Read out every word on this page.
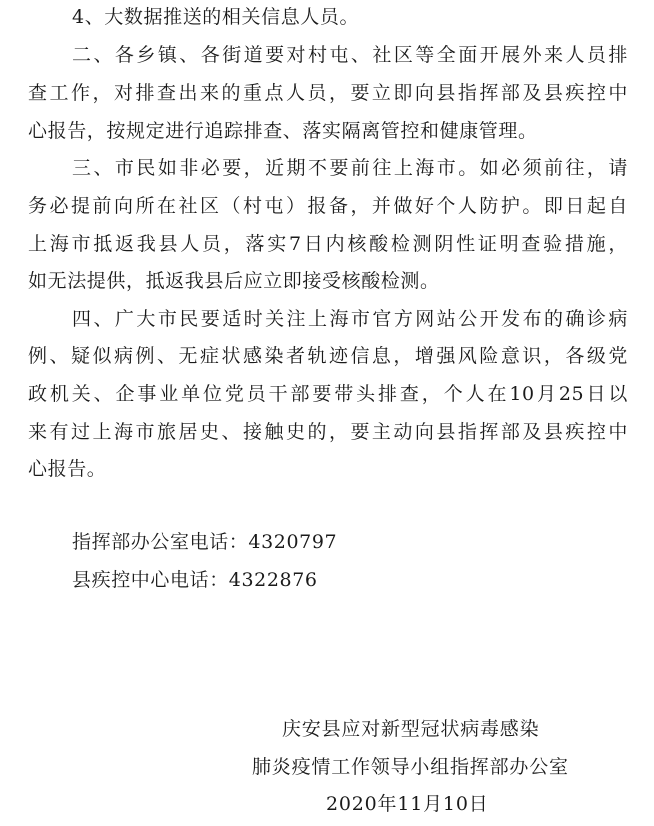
4、大数据推送的相关信息人员。
二、各乡镇、各街道要对村屯、社区等全面开展外来人员排
查工作，对排查出来的重点人员，要立即向县指挥部及县疾控中
心报告，按规定进行追踪排查、落实隔离管控和健康管理。
三、市民如非必要，近期不要前往上海市。如必须前往，请
务必提前向所在社区（村屯）报备，并做好个人防护。即日起自
上海市抵返我县人员，落实7日内核酸检测阴性证明查验措施，
如无法提供，抵返我县后应立即接受核酸检测。
四、广大市民要适时关注上海市官方网站公开发布的确诊病
例、疑似病例、无症状感染者轨迹信息，增强风险意识，各级党
政机关、企事业单位党员干部要带头排查，个人在10月25日以
来有过上海市旅居史、接触史的，要主动向县指挥部及县疾控中
心报告。
指挥部办公室电话：4320797
县疾控中心电话：4322876
庆安县应对新型冠状病毒感染
肺炎疫情工作领导小组指挥部办公室
2020年11月10日
